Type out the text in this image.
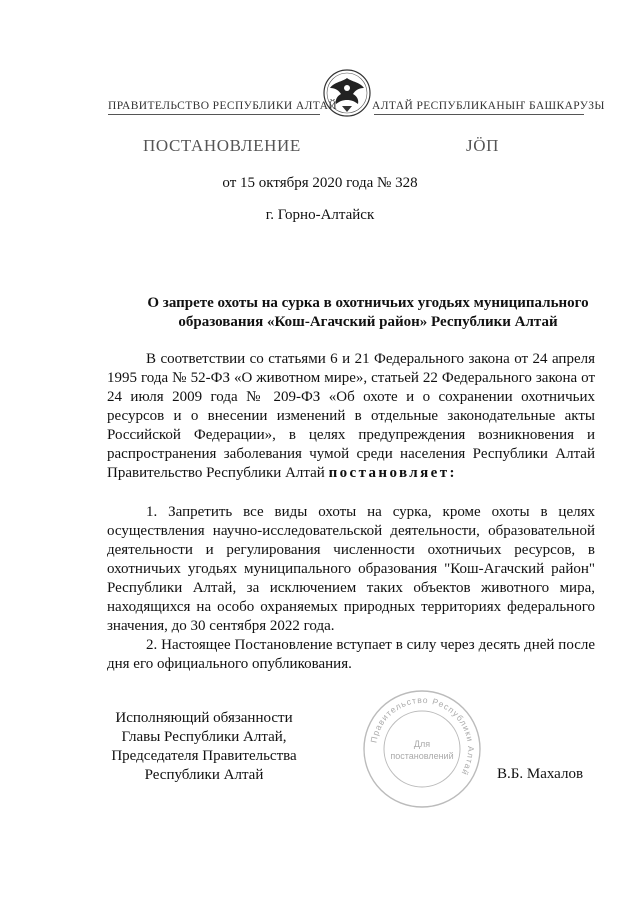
ПРАВИТЕЛЬСТВО РЕСПУБЛИКИ АЛТАЙ	АЛТАЙ РЕСПУБЛИКАНЫҤ БАШКАРУЗЫ
ПОСТАНОВЛЕНИЕ	ЈӦП
от 15 октября 2020 года № 328
г. Горно-Алтайск
О запрете охоты на сурка в охотничьих угодьях муниципального
образования «Кош-Агачский район» Республики Алтай

В соответствии со статьями 6 и 21 Федерального закона от 24 апреля 1995 года № 52-ФЗ «О животном мире», статьей 22 Федерального закона от 24 июля 2009 года № 209-ФЗ «Об охоте и о сохранении охотничьих ресурсов и о внесении изменений в отдельные законодательные акты Российской Федерации», в целях предупреждения возникновения и распространения заболевания чумой среди населения Республики Алтай Правительство Республики Алтай постановляет:

1. Запретить все виды охоты на сурка, кроме охоты в целях осуществления научно-исследовательской деятельности, образовательной деятельности и регулирования численности охотничьих ресурсов, в охотничьих угодьях муниципального образования "Кош-Агачский район" Республики Алтай, за исключением таких объектов животного мира, находящихся на особо охраняемых природных территориях федерального значения, до 30 сентября 2022 года.

2. Настоящее Постановление вступает в силу через десять дней после дня его официального опубликования.

Исполняющий обязанности
Главы Республики Алтай,
Председателя Правительства
Республики Алтай
Правительство Республики Алтай
Для
постановлений
В.Б. Махалов
